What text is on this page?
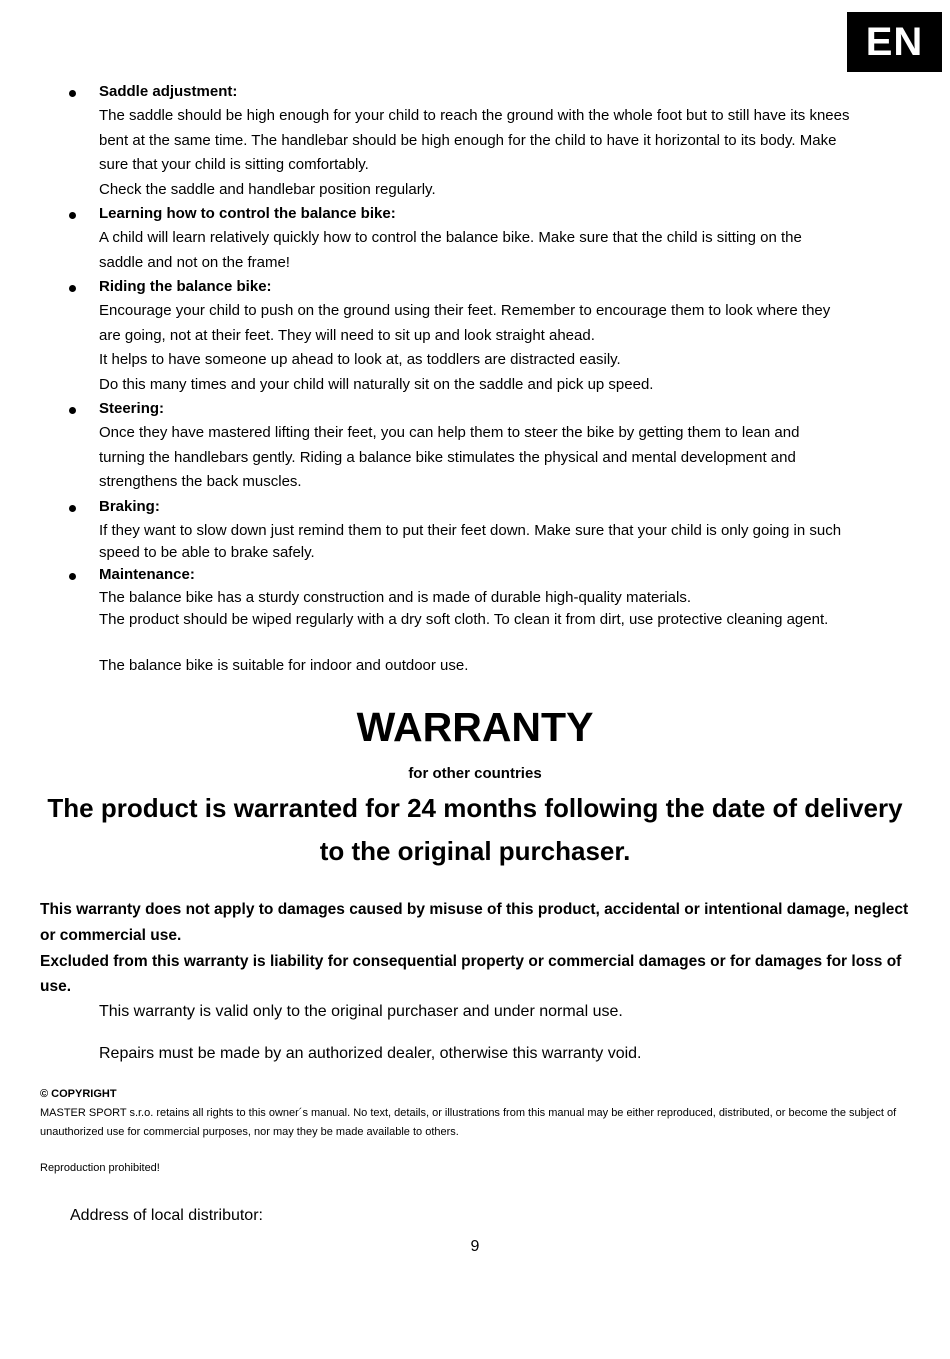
EN

Saddle adjustment:

The saddle should be high enough for your child to reach the ground with the whole foot but to still have its knees

bent at the same time. The handlebar should be high enough for the child to have it horizontal to its body. Make

sure that your child is sitting comfortably.

Check the saddle and handlebar position regularly.

Learning how to control the balance bike:

A child will learn relatively quickly how to control the balance bike. Make sure that the child is sitting on the

saddle and not on the frame!

Riding the balance bike:

Encourage your child to push on the ground using their feet. Remember to encourage them to look where they

are going, not at their feet. They will need to sit up and look straight ahead.

It helps to have someone up ahead to look at, as toddlers are distracted easily.

Do this many times and your child will naturally sit on the saddle and pick up speed.

Steering:

Once they have mastered lifting their feet, you can help them to steer the bike by getting them to lean and

turning the handlebars gently. Riding a balance bike stimulates the physical and mental development and

strengthens the back muscles.

Braking:

If they want to slow down just remind them to put their feet down. Make sure that your child is only going in such

speed to be able to brake safely.

Maintenance:

The balance bike has a sturdy construction and is made of durable high-quality materials.

The product should be wiped regularly with a dry soft cloth. To clean it from dirt, use protective cleaning agent.

The balance bike is suitable for indoor and outdoor use.
WARRANTY
for other countries
The product is warranted for 24 months following the date of delivery
to the original purchaser.

This warranty does not apply to damages caused by misuse of this product, accidental or intentional damage, neglect or commercial use.

Excluded from this warranty is liability for consequential property or commercial damages or for damages for loss of use.

This warranty is valid only to the original purchaser and under normal use.
Repairs must be made by an authorized dealer, otherwise this warranty void.

© COPYRIGHT

MASTER SPORT s.r.o. retains all rights to this owner´s manual. No text, details, or illustrations from this manual may be either reproduced, distributed, or become the subject of unauthorized use for commercial purposes, nor may they be made available to others.

Reproduction prohibited!
Address of local distributor:
9
